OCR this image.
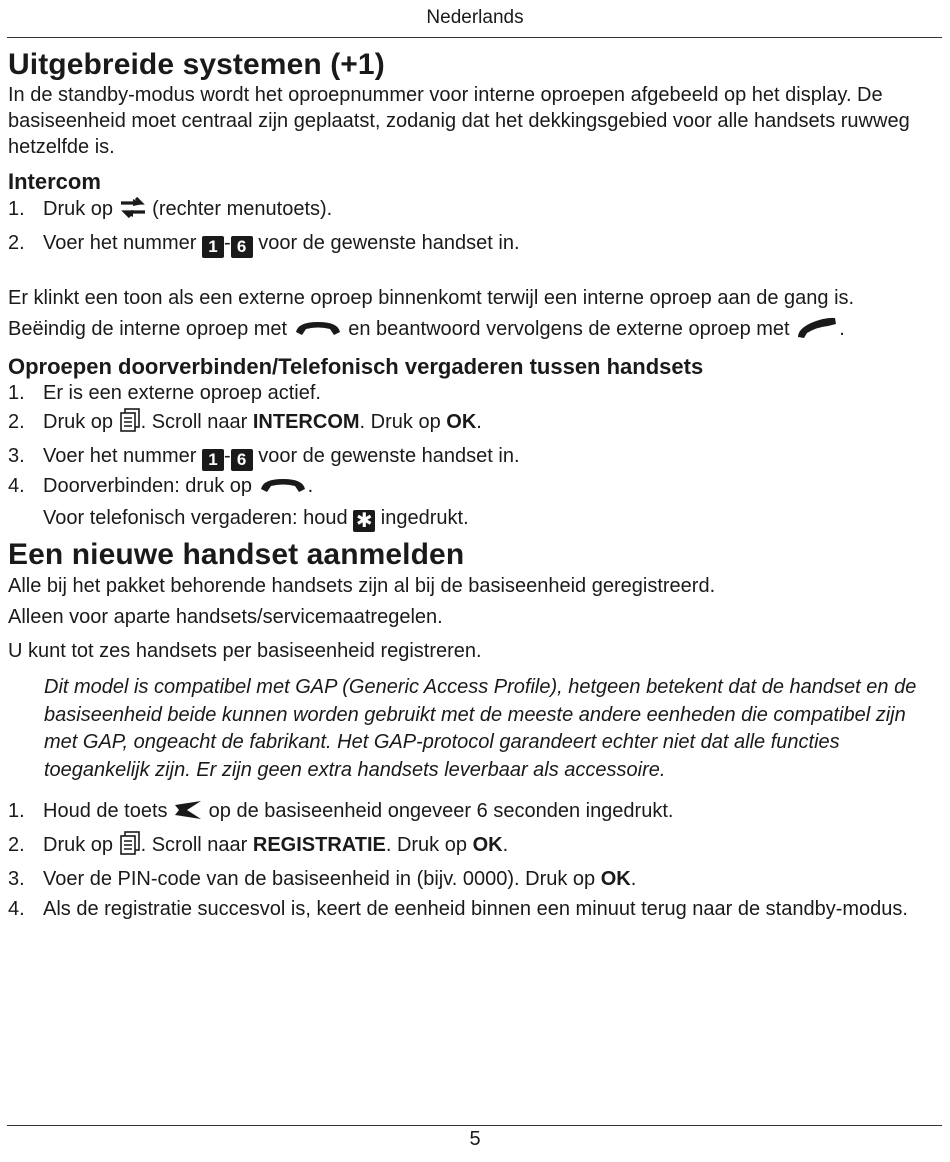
Nederlands
Uitgebreide systemen (+1)

In de standby-modus wordt het oproepnummer voor interne oproepen afgebeeld op het display. De basiseenheid moet centraal zijn geplaatst, zodanig dat het dekkingsgebied voor alle handsets ruwweg hetzelfde is.

Intercom
1. Druk op (rechter menutoets).
2. Voer het nummer 1 - 6 voor de gewenste handset in.

Er klinkt een toon als een externe oproep binnenkomt terwijl een interne oproep aan de gang is.

Beëindig de interne oproep met	en beantwoord vervolgens de externe oproep met .

Oproepen doorverbinden/Telefonisch vergaderen tussen handsets
1. Er is een externe oproep actief.
2. Druk op . Scroll naar INTERCOM. Druk op OK.
3. Voer het nummer 1 - 6 voor de gewenste handset in.
4. Doorverbinden: druk op	.
Voor telefonisch vergaderen: houd ✱ ingedrukt.
Een nieuwe handset aanmelden

Alle bij het pakket behorende handsets zijn al bij de basiseenheid geregistreerd.

Alleen voor aparte handsets/servicemaatregelen.

U kunt tot zes handsets per basiseenheid registreren.

Dit model is compatibel met GAP (Generic Access Profile), hetgeen betekent dat de handset en de basiseenheid beide kunnen worden gebruikt met de meeste andere eenheden die compatibel zijn met GAP, ongeacht de fabrikant. Het GAP-protocol garandeert echter niet dat alle functies toegankelijk zijn. Er zijn geen extra handsets leverbaar als accessoire.

1. Houd de toets op de basiseenheid ongeveer 6 seconden ingedrukt.
2. Druk op . Scroll naar REGISTRATIE. Druk op OK.
3. Voer de PIN-code van de basiseenheid in (bijv. 0000). Druk op OK.
4. Als de registratie succesvol is, keert de eenheid binnen een minuut terug naar de standby-modus.
5
